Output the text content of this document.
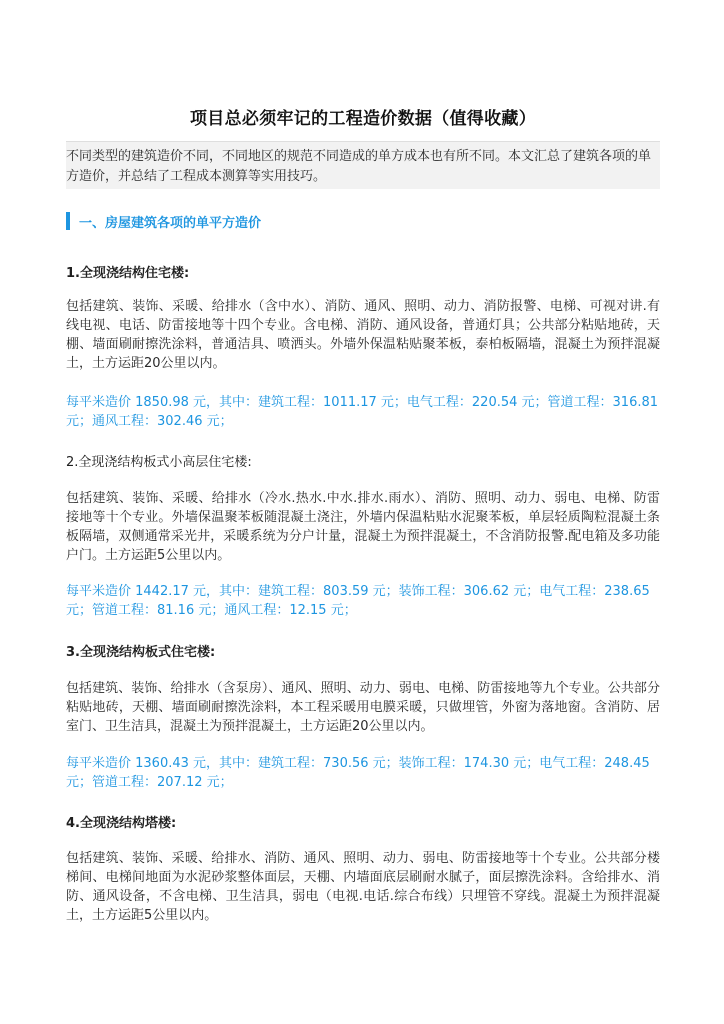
项目总必须牢记的工程造价数据（值得收藏）
不同类型的建筑造价不同，不同地区的规范不同造成的单方成本也有所不同。本文汇总了建筑各项的单方造价，并总结了工程成本测算等实用技巧。
一、房屋建筑各项的单平方造价
1.全现浇结构住宅楼:
包括建筑、装饰、采暖、给排水（含中水）、消防、通风、照明、动力、消防报警、电梯、可视对讲.有线电视、电话、防雷接地等十四个专业。含电梯、消防、通风设备，普通灯具；公共部分粘贴地砖，天棚、墙面刷耐擦洗涂料，普通洁具、喷洒头。外墙外保温粘贴聚苯板，泰柏板隔墙，混凝土为预拌混凝土，土方运距20公里以内。
每平米造价 1850.98 元，其中：建筑工程：1011.17 元；电气工程：220.54 元；管道工程：316.81 元；通风工程：302.46 元；
2.全现浇结构板式小高层住宅楼:
包括建筑、装饰、采暖、给排水（冷水.热水.中水.排水.雨水）、消防、照明、动力、弱电、电梯、防雷接地等十个专业。外墙保温聚苯板随混凝土浇注，外墙内保温粘贴水泥聚苯板，单层轻质陶粒混凝土条板隔墙，双侧通常采光井，采暖系统为分户计量，混凝土为预拌混凝土，不含消防报警.配电箱及多功能户门。土方运距5公里以内。
每平米造价 1442.17 元，其中：建筑工程：803.59 元；装饰工程：306.62 元；电气工程：238.65 元；管道工程：81.16 元；通风工程：12.15 元；
3.全现浇结构板式住宅楼:
包括建筑、装饰、给排水（含泵房）、通风、照明、动力、弱电、电梯、防雷接地等九个专业。公共部分粘贴地砖，天棚、墙面刷耐擦洗涂料，本工程采暖用电膜采暖，只做埋管，外窗为落地窗。含消防、居室门、卫生洁具，混凝土为预拌混凝土，土方运距20公里以内。
每平米造价 1360.43 元，其中：建筑工程：730.56 元；装饰工程：174.30 元；电气工程：248.45 元；管道工程：207.12 元；
4.全现浇结构塔楼:
包括建筑、装饰、采暖、给排水、消防、通风、照明、动力、弱电、防雷接地等十个专业。公共部分楼梯间、电梯间地面为水泥砂浆整体面层，天棚、内墙面底层刷耐水腻子，面层擦洗涂料。含给排水、消防、通风设备，不含电梯、卫生洁具，弱电（电视.电话.综合布线）只埋管不穿线。混凝土为预拌混凝土，土方运距5公里以内。
